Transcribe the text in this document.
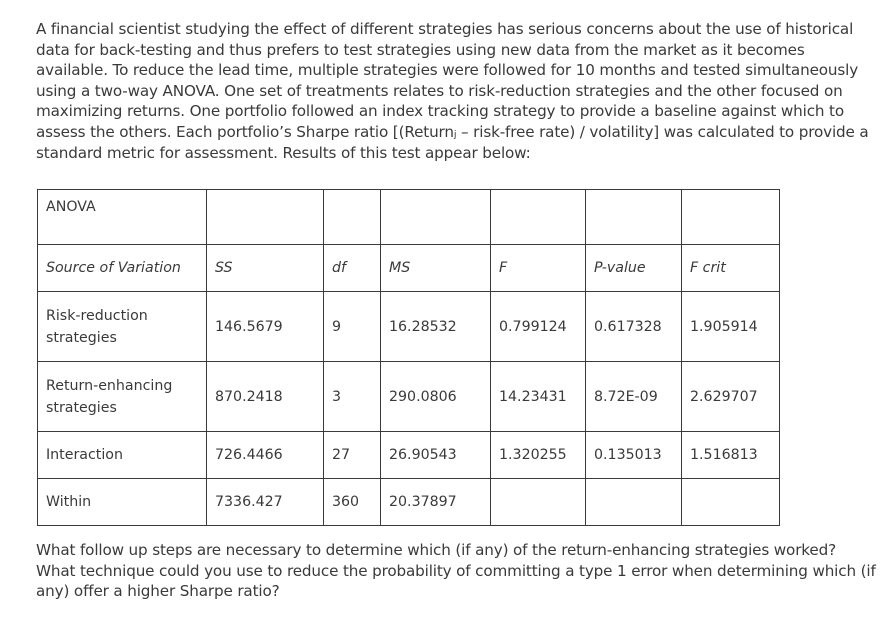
A financial scientist studying the effect of different strategies has serious concerns about the use of historical data for back-testing and thus prefers to test strategies using new data from the market as it becomes available. To reduce the lead time, multiple strategies were followed for 10 months and tested simultaneously using a two-way ANOVA. One set of treatments relates to risk-reduction strategies and the other focused on maximizing returns. One portfolio followed an index tracking strategy to provide a baseline against which to assess the others. Each portfolio’s Sharpe ratio [(Returnⱼ – risk-free rate) / volatility] was calculated to provide a standard metric for assessment. Results of this test appear below:

ANOVA						
Source of Variation	SS	df	MS	F	P-value	F crit
Risk-reduction strategies	146.5679	9	16.28532	0.799124	0.617328	1.905914
Return-enhancing strategies	870.2418	3	290.0806	14.23431	8.72E-09	2.629707
Interaction	726.4466	27	26.90543	1.320255	0.135013	1.516813
Within	7336.427	360	20.37897			

What follow up steps are necessary to determine which (if any) of the return-enhancing strategies worked? What technique could you use to reduce the probability of committing a type 1 error when determining which (if any) offer a higher Sharpe ratio?
